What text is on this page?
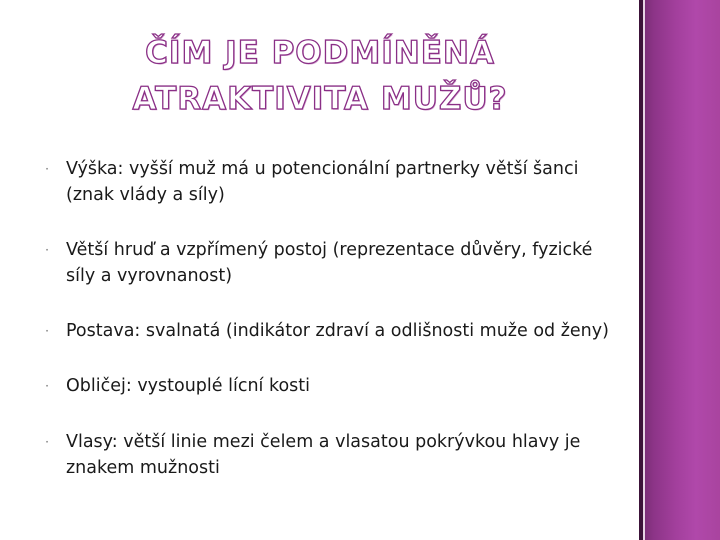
ČÍM JE PODMÍNĚNÁ ATRAKTIVITA MUŽŮ?
· Výška: vyšší muž má u potencionální partnerky větší šanci (znak vlády a síly)
· Větší hruď a vzpřímený postoj (reprezentace důvěry, fyzické síly a vyrovnanost)
· Postava: svalnatá (indikátor zdraví a odlišnosti muže od ženy)
· Obličej: vystouplé lícní kosti
· Vlasy: větší linie mezi čelem a vlasatou pokrývkou hlavy je znakem mužnosti
